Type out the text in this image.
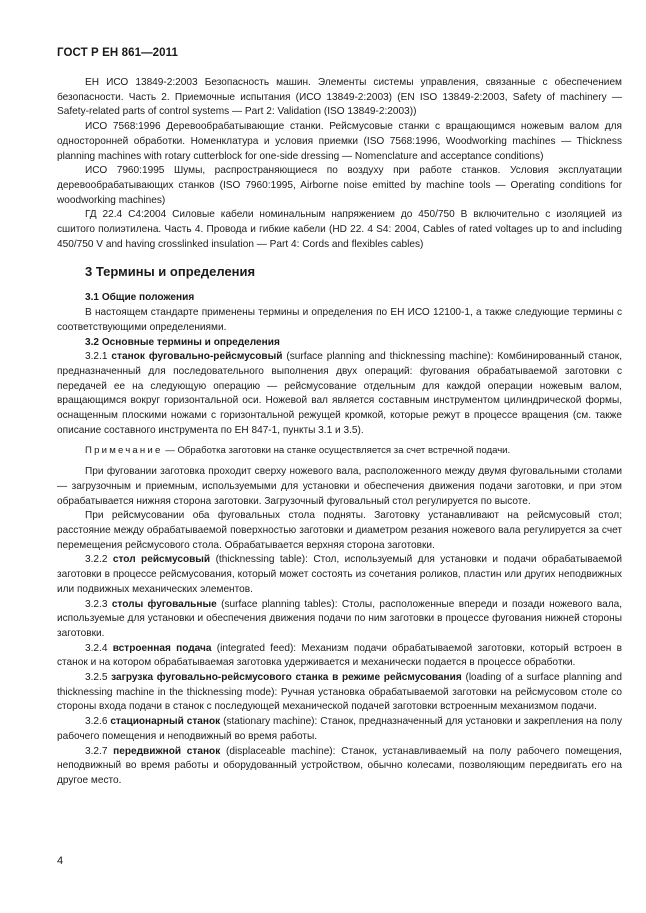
ГОСТ Р ЕН 861—2011

ЕН ИСО 13849-2:2003 Безопасность машин. Элементы системы управления, связанные с обеспечением безопасности. Часть 2. Приемочные испытания (ИСО 13849-2:2003) (EN ISO 13849-2:2003, Safety of machinery — Safety-related parts of control systems — Part 2: Validation (ISO 13849-2:2003))

ИСО 7568:1996 Деревообрабатывающие станки. Рейсмусовые станки с вращающимся ножевым валом для односторонней обработки. Номенклатура и условия приемки (ISO 7568:1996, Woodworking machines — Thickness planning machines with rotary cutterblock for one-side dressing — Nomenclature and acceptance conditions)

ИСО 7960:1995 Шумы, распространяющиеся по воздуху при работе станков. Условия эксплуатации деревообрабатывающих станков (ISO 7960:1995, Airborne noise emitted by machine tools — Operating conditions for woodworking machines)

ГД 22.4 С4:2004 Силовые кабели номинальным напряжением до 450/750 В включительно с изоляцией из сшитого полиэтилена. Часть 4. Провода и гибкие кабели (HD 22. 4 S4: 2004, Cables of rated voltages up to and including 450/750 V and having crosslinked insulation — Part 4: Cords and flexibles cables)

3 Термины и определения

3.1 Общие положения

В настоящем стандарте применены термины и определения по ЕН ИСО 12100-1, а также следующие термины с соответствующими определениями.

3.2 Основные термины и определения

3.2.1 станок фуговально-рейсмусовый (surface planning and thicknessing machine): Комбинированный станок, предназначенный для последовательного выполнения двух операций: фугования обрабатываемой заготовки с передачей ее на следующую операцию — рейсмусование отдельным для каждой операции ножевым валом, вращающимся вокруг горизонтальной оси. Ножевой вал является составным инструментом цилиндрической формы, оснащенным плоскими ножами с горизонтальной режущей кромкой, которые режут в процессе вращения (см. также описание составного инструмента по ЕН 847-1, пункты 3.1 и 3.5).

Примечание — Обработка заготовки на станке осуществляется за счет встречной подачи.

При фуговании заготовка проходит сверху ножевого вала, расположенного между двумя фуговальными столами — загрузочным и приемным, используемыми для установки и обеспечения движения подачи заготовки, и при этом обрабатывается нижняя сторона заготовки. Загрузочный фуговальный стол регулируется по высоте.

При рейсмусовании оба фуговальных стола подняты. Заготовку устанавливают на рейсмусовый стол; расстояние между обрабатываемой поверхностью заготовки и диаметром резания ножевого вала регулируется за счет перемещения рейсмусового стола. Обрабатывается верхняя сторона заготовки.

3.2.2 стол рейсмусовый (thicknessing table): Стол, используемый для установки и подачи обрабатываемой заготовки в процессе рейсмусования, который может состоять из сочетания роликов, пластин или других неподвижных или подвижных механических элементов.

3.2.3 столы фуговальные (surface planning tables): Столы, расположенные впереди и позади ножевого вала, используемые для установки и обеспечения движения подачи по ним заготовки в процессе фугования нижней стороны заготовки.

3.2.4 встроенная подача (integrated feed): Механизм подачи обрабатываемой заготовки, который встроен в станок и на котором обрабатываемая заготовка удерживается и механически подается в процессе обработки.

3.2.5 загрузка фуговально-рейсмусового станка в режиме рейсмусования (loading of a surface planning and thicknessing machine in the thicknessing mode): Ручная установка обрабатываемой заготовки на рейсмусовом столе со стороны входа подачи в станок с последующей механической подачей заготовки встроенным механизмом подачи.

3.2.6 стационарный станок (stationary machine): Станок, предназначенный для установки и закрепления на полу рабочего помещения и неподвижный во время работы.

3.2.7 передвижной станок (displaceable machine): Станок, устанавливаемый на полу рабочего помещения, неподвижный во время работы и оборудованный устройством, обычно колесами, позволяющим передвигать его на другое место.

4
